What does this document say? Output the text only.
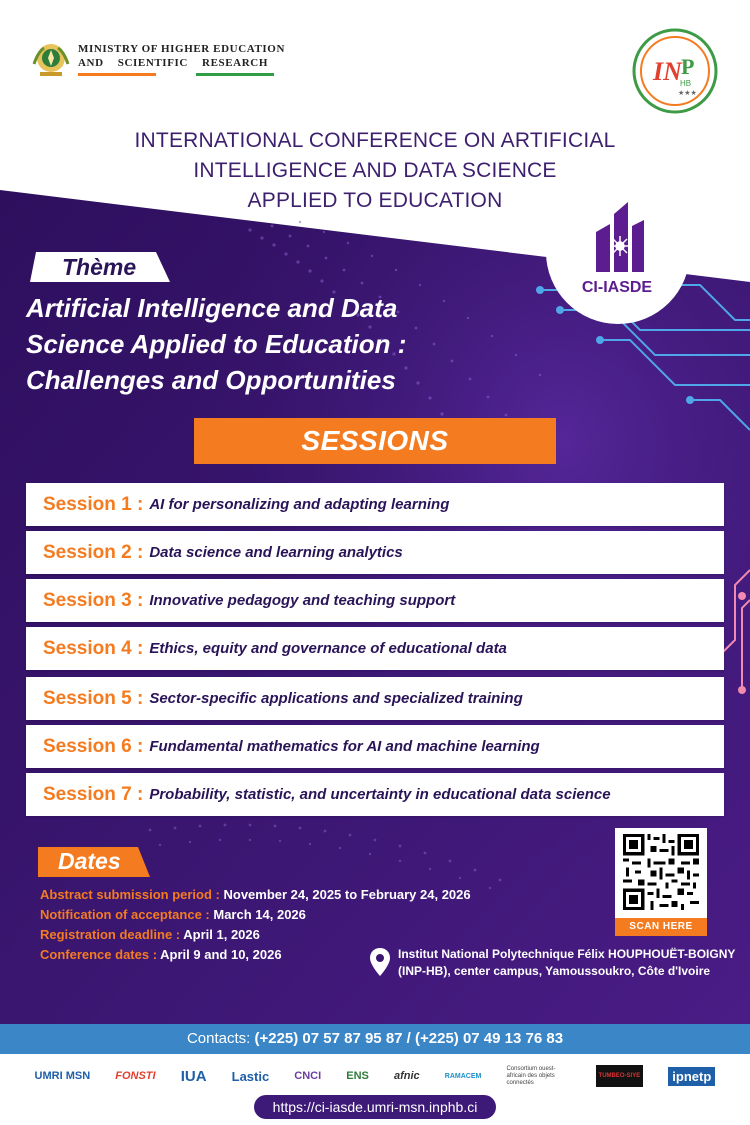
MINISTRY OF HIGHER EDUCATION
AND SCIENTIFIC RESEARCH	IN P
HB
★★★
INTERNATIONAL CONFERENCE ON ARTIFICIAL
INTELLIGENCE AND DATA SCIENCE
APPLIED TO EDUCATION
CI-IASDE
Thème
Artificial Intelligence and Data
Science Applied to Education :
Challenges and Opportunities
SESSIONS
Session 1 : AI for personalizing and adapting learning
Session 2 : Data science and learning analytics
Session 3 : Innovative pedagogy and teaching support
Session 4 : Ethics, equity and governance of educational data
Session 5 : Sector-specific applications and specialized training
Session 6 : Fundamental mathematics for AI and machine learning
Session 7 : Probability, statistic, and uncertainty in educational data science
Dates
Abstract submission period : November 24, 2025 to February 24, 2026
Notification of acceptance : March 14, 2026
Registration deadline : April 1, 2026
Conference dates : April 9 and 10, 2026
SCAN HERE
Institut National Polytechnique Félix HOUPHOUËT-BOIGNY
(INP-HB), center campus, Yamoussoukro, Côte d'Ivoire
Contacts: (+225) 07 57 87 95 87 / (+225) 07 49 13 76 83
UMRI MSN FONSTI IUA Lastic CNCI ENS afnic	RAMACEM
Consortium ouest-africain des objets connectés
TUMBEO-SIYE	ipnetp
https://ci-iasde.umri-msn.inphb.ci
